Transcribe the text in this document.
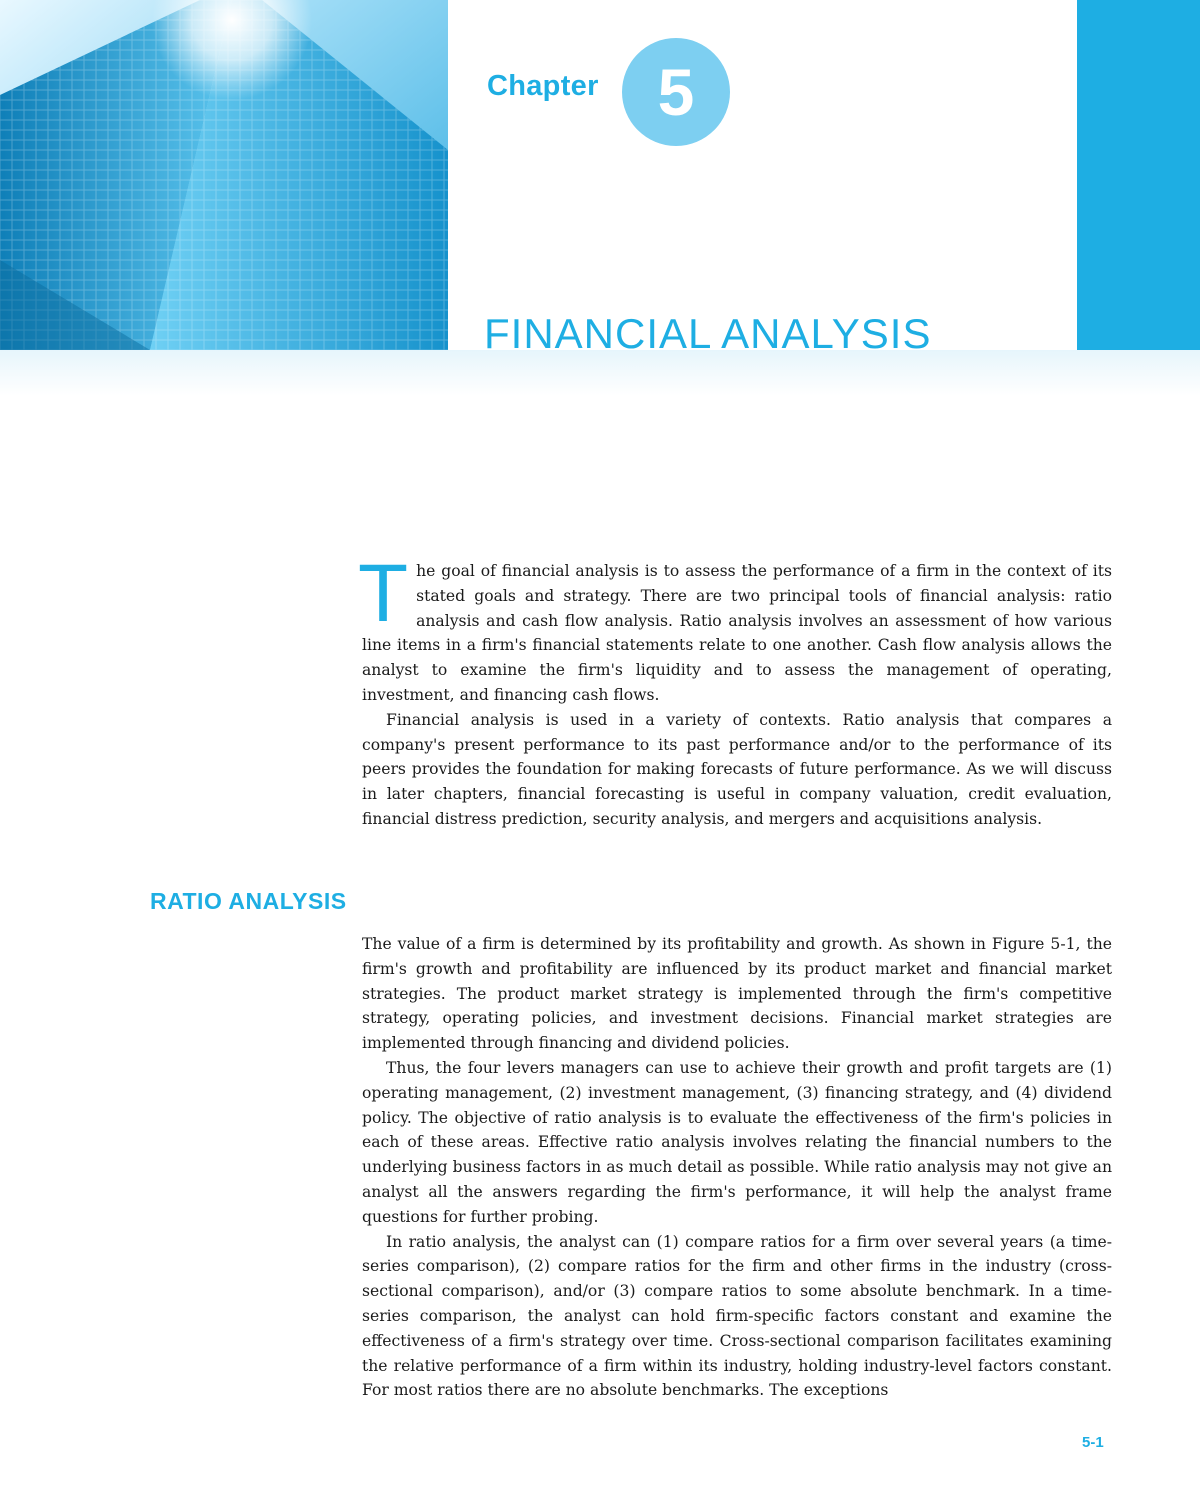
Chapter 5
FINANCIAL ANALYSIS

The goal of financial analysis is to assess the performance of a firm in the context of its stated goals and strategy. There are two principal tools of financial analysis: ratio analysis and cash flow analysis. Ratio analysis involves an assessment of how various line items in a firm's financial statements relate to one another. Cash flow analysis allows the analyst to examine the firm's liquidity and to assess the management of operating, investment, and financing cash flows.

Financial analysis is used in a variety of contexts. Ratio analysis that compares a company's present performance to its past performance and/or to the performance of its peers provides the foundation for making forecasts of future performance. As we will discuss in later chapters, financial forecasting is useful in company valuation, credit evaluation, financial distress prediction, security analysis, and mergers and acquisitions analysis.

RATIO ANALYSIS

The value of a firm is determined by its profitability and growth. As shown in Figure 5-1, the firm's growth and profitability are influenced by its product market and financial market strategies. The product market strategy is implemented through the firm's competitive strategy, operating policies, and investment decisions. Financial market strategies are implemented through financing and dividend policies.

Thus, the four levers managers can use to achieve their growth and profit targets are (1) operating management, (2) investment management, (3) financing strategy, and (4) dividend policy. The objective of ratio analysis is to evaluate the effectiveness of the firm's policies in each of these areas. Effective ratio analysis involves relating the financial numbers to the underlying business factors in as much detail as possible. While ratio analysis may not give an analyst all the answers regarding the firm's performance, it will help the analyst frame questions for further probing.

In ratio analysis, the analyst can (1) compare ratios for a firm over several years (a time-series comparison), (2) compare ratios for the firm and other firms in the industry (cross-sectional comparison), and/or (3) compare ratios to some absolute benchmark. In a time-series comparison, the analyst can hold firm-specific factors constant and examine the effectiveness of a firm's strategy over time. Cross-sectional comparison facilitates examining the relative performance of a firm within its industry, holding industry-level factors constant. For most ratios there are no absolute benchmarks. The exceptions

5-1
